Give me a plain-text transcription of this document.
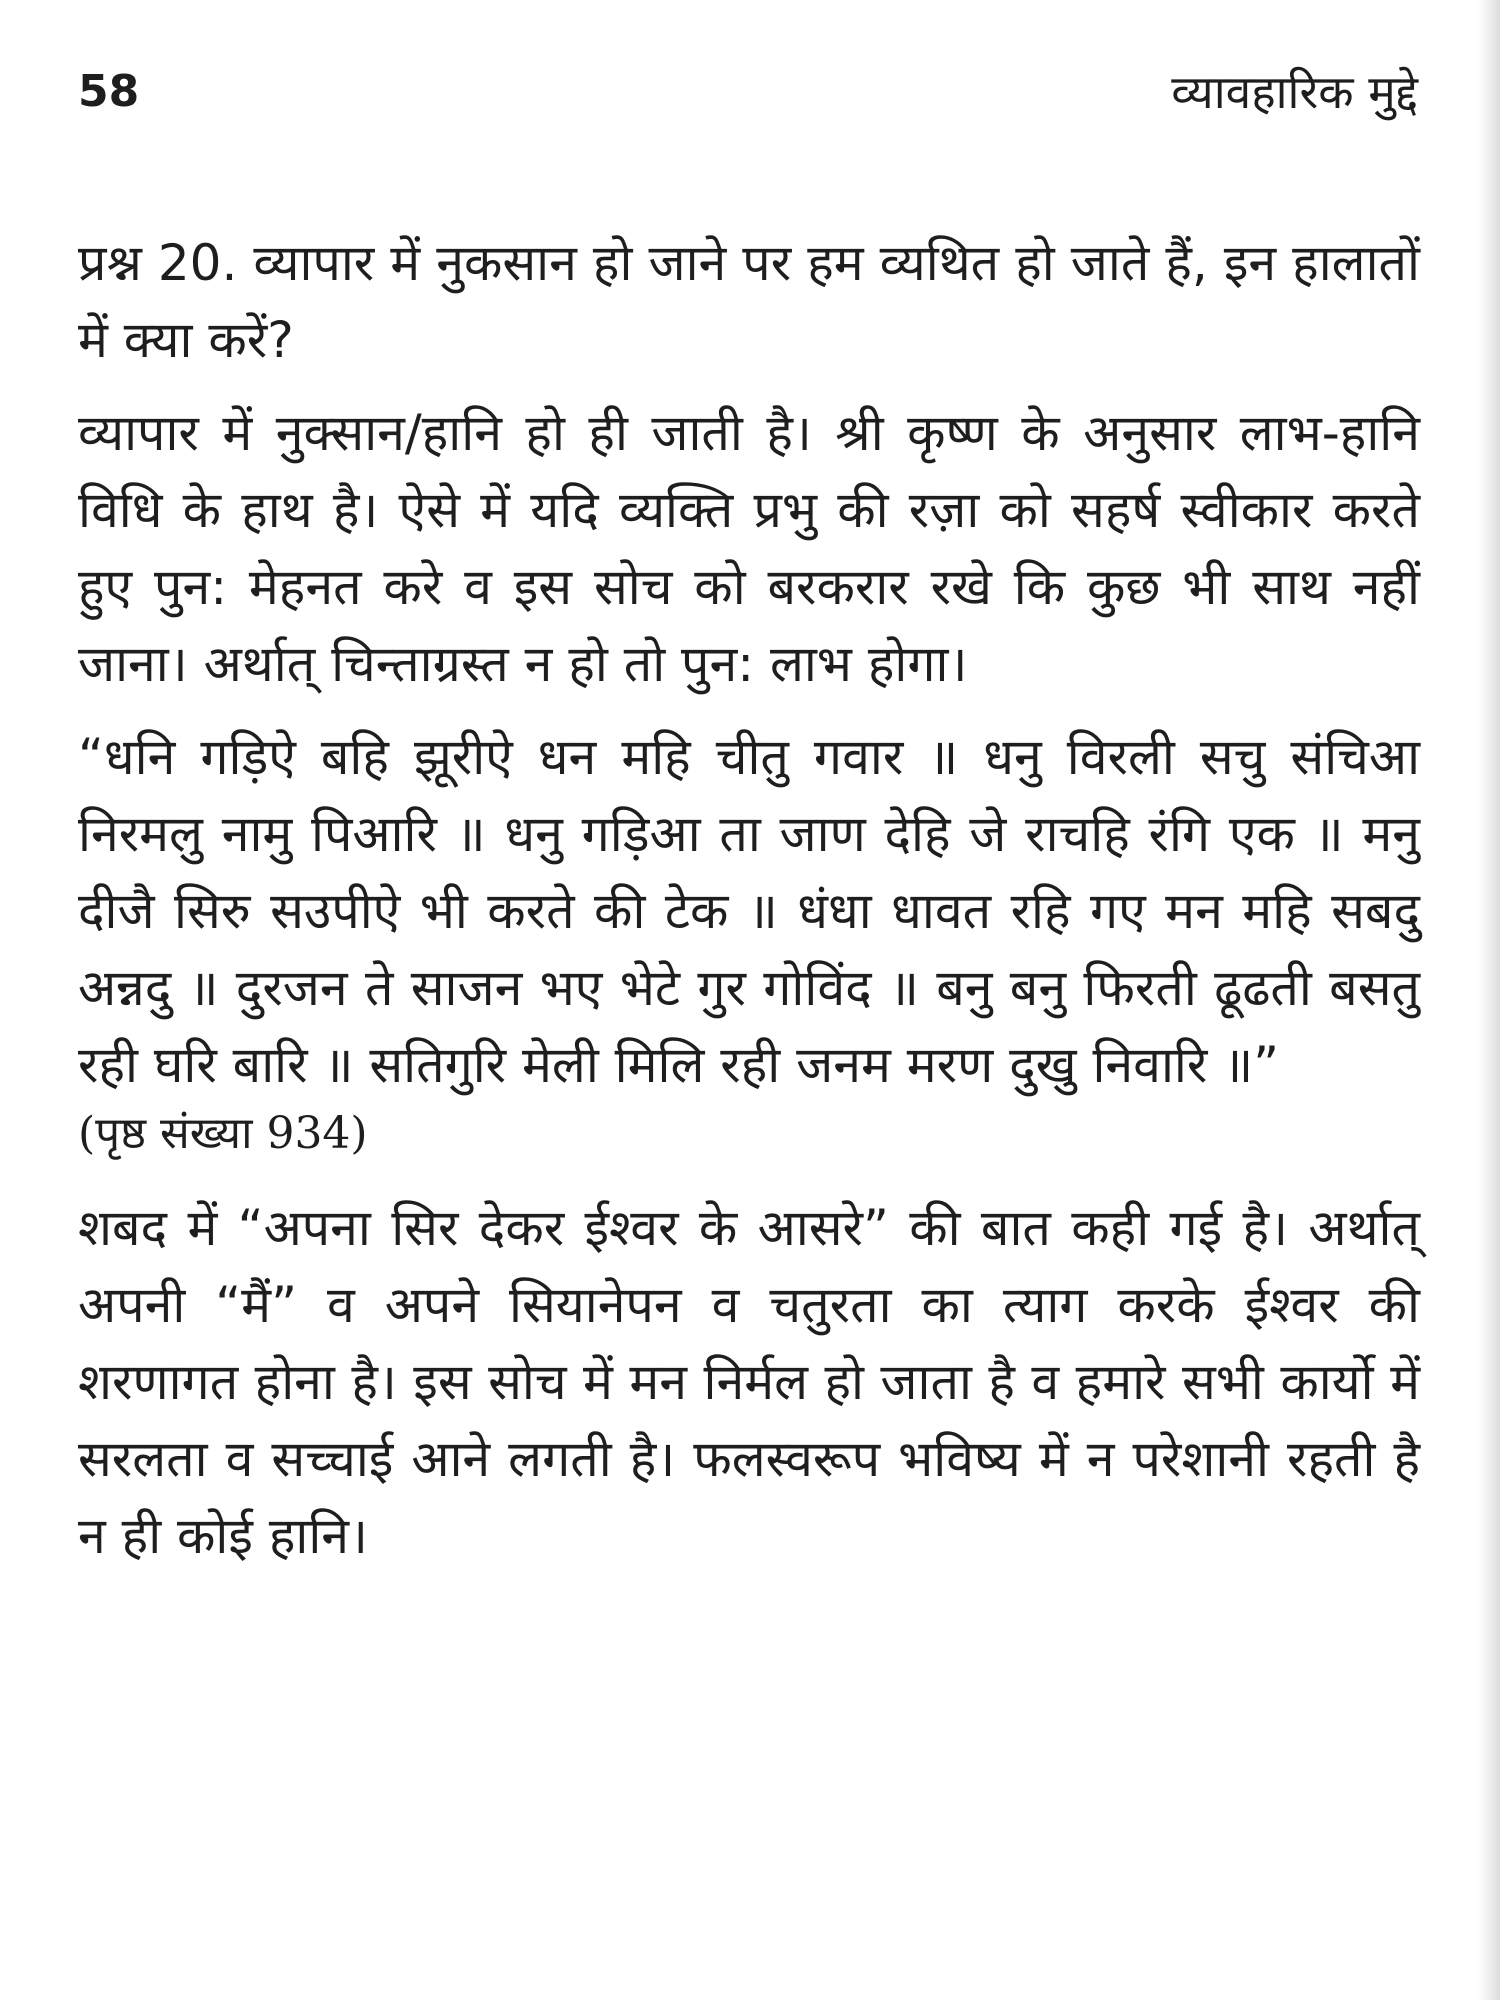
58	व्यावहारिक मुद्दे

प्रश्न 20. व्यापार में नुकसान हो जाने पर हम व्यथित हो जाते हैं, इन हालातों में क्या करें?

व्यापार में नुक्सान/हानि हो ही जाती है। श्री कृष्ण के अनुसार लाभ-हानि विधि के हाथ है। ऐसे में यदि व्यक्ति प्रभु की रज़ा को सहर्ष स्वीकार करते हुए पुन: मेहनत करे व इस सोच को बरकरार रखे कि कुछ भी साथ नहीं जाना। अर्थात् चिन्ताग्रस्त न हो तो पुन: लाभ होगा।

“धनि गड़िऐ बहि झूरीऐ धन महि चीतु गवार ॥ धनु विरली सचु संचिआ निरमलु नामु पिआरि ॥ धनु गड़िआ ता जाण देहि जे राचहि रंगि एक ॥ मनु दीजै सिरु सउपीऐ भी करते की टेक ॥ धंधा धावत रहि गए मन महि सबदु अन्नदु ॥ दुरजन ते साजन भए भेटे गुर गोविंद ॥ बनु बनु फिरती ढूढती बसतु रही घरि बारि ॥ सतिगुरि मेली मिलि रही जनम मरण दुखु निवारि ॥”

(पृष्ठ संख्या 934)

शबद में “अपना सिर देकर ईश्वर के आसरे” की बात कही गई है। अर्थात् अपनी “मैं” व अपने सियानेपन व चतुरता का त्याग करके ईश्वर की शरणागत होना है। इस सोच में मन निर्मल हो जाता है व हमारे सभी कार्यो में सरलता व सच्चाई आने लगती है। फलस्वरूप भविष्य में न परेशानी रहती है न ही कोई हानि।
